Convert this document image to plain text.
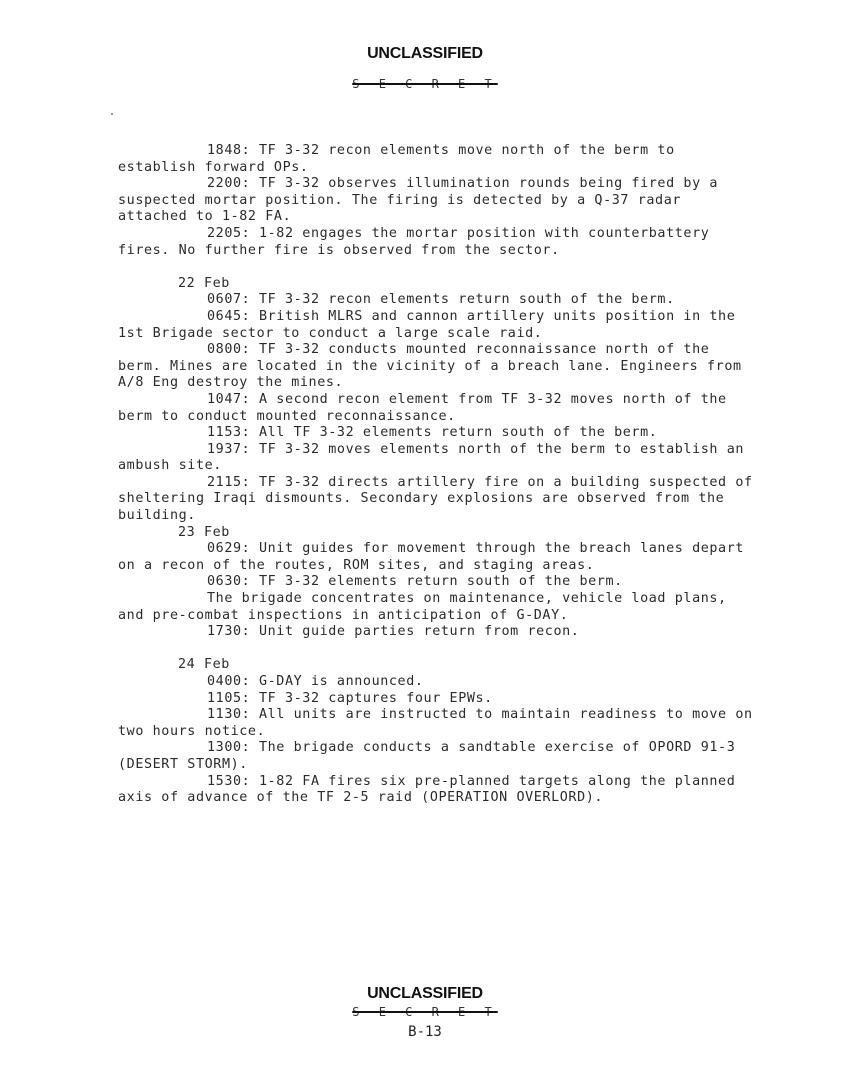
UNCLASSIFIED
S E C R E T

1848: TF 3-32 recon elements move north of the berm to establish forward OPs.

2200: TF 3-32 observes illumination rounds being fired by a suspected mortar position. The firing is detected by a Q-37 radar attached to 1-82 FA.

2205: 1-82 engages the mortar position with counterbattery fires. No further fire is observed from the sector.

22 Feb

0607: TF 3-32 recon elements return south of the berm.

0645: British MLRS and cannon artillery units position in the 1st Brigade sector to conduct a large scale raid.

0800: TF 3-32 conducts mounted reconnaissance north of the berm. Mines are located in the vicinity of a breach lane. Engineers from A/8 Eng destroy the mines.

1047: A second recon element from TF 3-32 moves north of the berm to conduct mounted reconnaissance.

1153: All TF 3-32 elements return south of the berm.

1937: TF 3-32 moves elements north of the berm to establish an ambush site.

2115: TF 3-32 directs artillery fire on a building suspected of sheltering Iraqi dismounts. Secondary explosions are observed from the building.

23 Feb

0629: Unit guides for movement through the breach lanes depart on a recon of the routes, ROM sites, and staging areas.

0630: TF 3-32 elements return south of the berm.

The brigade concentrates on maintenance, vehicle load plans, and pre-combat inspections in anticipation of G-DAY.

1730: Unit guide parties return from recon.

24 Feb

0400: G-DAY is announced.

1105: TF 3-32 captures four EPWs.

1130: All units are instructed to maintain readiness to move on two hours notice.

1300: The brigade conducts a sandtable exercise of OPORD 91-3 (DESERT STORM).

1530: 1-82 FA fires six pre-planned targets along the planned axis of advance of the TF 2-5 raid (OPERATION OVERLORD).

UNCLASSIFIED
S E C R E T
B-13
